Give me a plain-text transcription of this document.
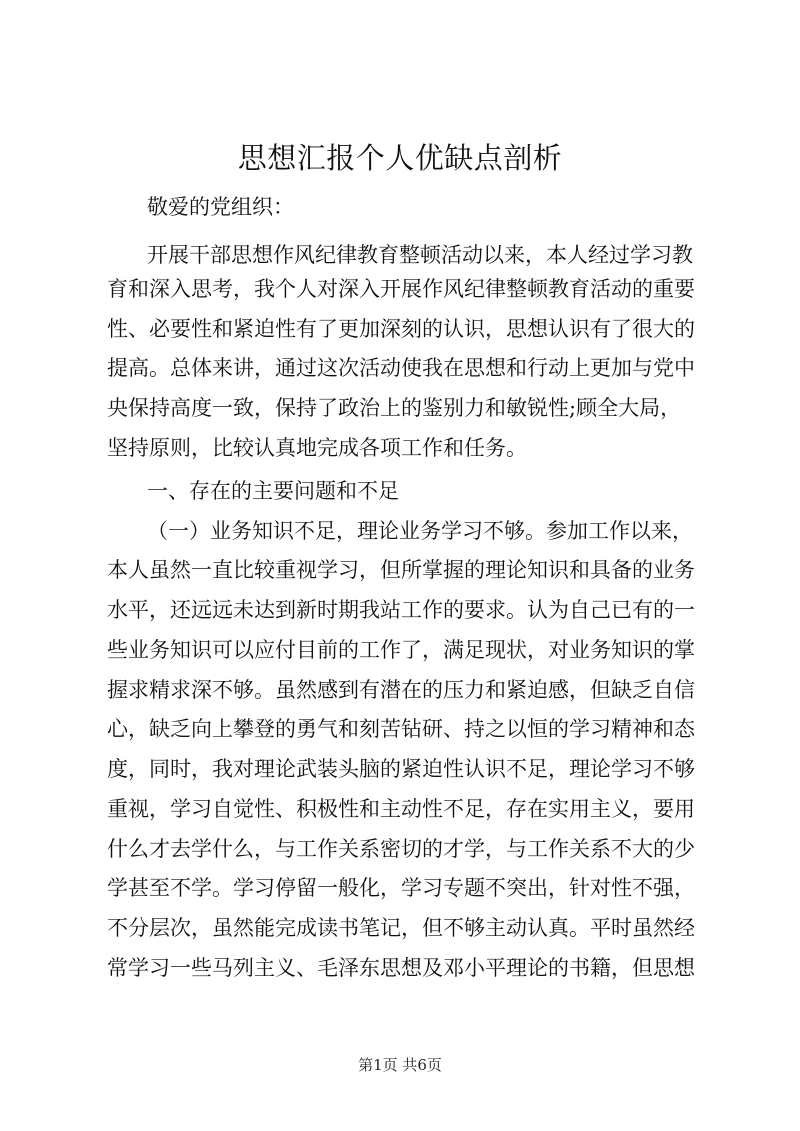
思想汇报个人优缺点剖析
敬爱的党组织：
开展干部思想作风纪律教育整顿活动以来，本人经过学习教
育和深入思考，我个人对深入开展作风纪律整顿教育活动的重要
性、必要性和紧迫性有了更加深刻的认识，思想认识有了很大的
提高。总体来讲，通过这次活动使我在思想和行动上更加与党中
央保持高度一致，保持了政治上的鉴别力和敏锐性;顾全大局，
坚持原则，比较认真地完成各项工作和任务。
一、存在的主要问题和不足
（一）业务知识不足，理论业务学习不够。参加工作以来，
本人虽然一直比较重视学习，但所掌握的理论知识和具备的业务
水平，还远远未达到新时期我站工作的要求。认为自己已有的一
些业务知识可以应付目前的工作了，满足现状，对业务知识的掌
握求精求深不够。虽然感到有潜在的压力和紧迫感，但缺乏自信
心，缺乏向上攀登的勇气和刻苦钻研、持之以恒的学习精神和态
度，同时，我对理论武装头脑的紧迫性认识不足，理论学习不够
重视，学习自觉性、积极性和主动性不足，存在实用主义，要用
什么才去学什么，与工作关系密切的才学，与工作关系不大的少
学甚至不学。学习停留一般化，学习专题不突出，针对性不强，
不分层次，虽然能完成读书笔记，但不够主动认真。平时虽然经
常学习一些马列主义、毛泽东思想及邓小平理论的书籍，但思想
第1页 共6页
